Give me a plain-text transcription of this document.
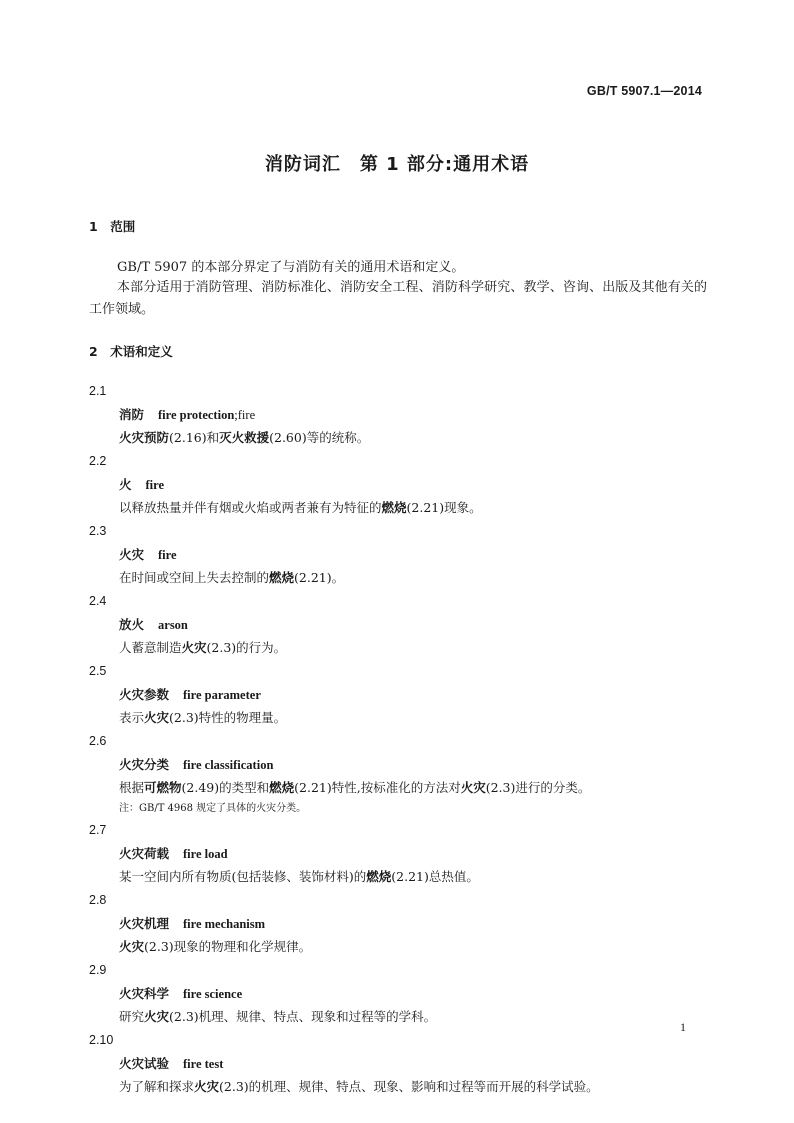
GB/T 5907.1—2014
消防词汇　第 1 部分:通用术语
1　范围
GB/T 5907 的本部分界定了与消防有关的通用术语和定义。
本部分适用于消防管理、消防标准化、消防安全工程、消防科学研究、教学、咨询、出版及其他有关的工作领域。
2　术语和定义
2.1
消防 fire protection;fire
火灾预防(2.16)和灭火救援(2.60)等的统称。
2.2
火 fire
以释放热量并伴有烟或火焰或两者兼有为特征的燃烧(2.21)现象。
2.3
火灾 fire
在时间或空间上失去控制的燃烧(2.21)。
2.4
放火 arson
人蓄意制造火灾(2.3)的行为。
2.5
火灾参数 fire parameter
表示火灾(2.3)特性的物理量。
2.6
火灾分类 fire classification
根据可燃物(2.49)的类型和燃烧(2.21)特性,按标准化的方法对火灾(2.3)进行的分类。
注：GB/T 4968 规定了具体的火灾分类。
2.7
火灾荷载 fire load
某一空间内所有物质(包括装修、装饰材料)的燃烧(2.21)总热值。
2.8
火灾机理 fire mechanism
火灾(2.3)现象的物理和化学规律。
2.9
火灾科学 fire science
研究火灾(2.3)机理、规律、特点、现象和过程等的学科。
2.10
火灾试验 fire test
为了解和探求火灾(2.3)的机理、规律、特点、现象、影响和过程等而开展的科学试验。
1
